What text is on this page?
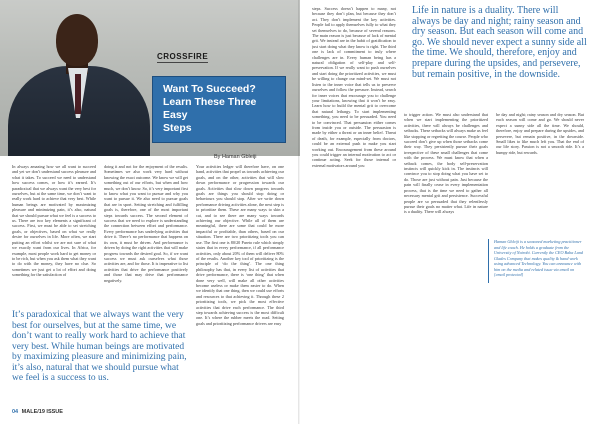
CROSSFIRE
Want To Succeed?
Learn These Three Easy
Steps
By Haman Gbleiji
In always amazing how we all want to succeed and yet we don’t understand success pleasure and what it takes. To succeed we need to understand how success comes, or how it’s earned. It’s paradoxical that we always want the very best for ourselves, but at the same time, we don’t want to really work hard to achieve that very best. While human beings are motivated by maximizing pleasure and minimizing pain, it’s also, natural that we should pursue what we feel is a success to us. There are two key elements a significant of success. First, we must be able to set stretching goals, or objectives, based on what we really desire for ourselves in life. More often, we start putting an effort whilst we are not sure of what we exactly want from our lives. In Africa, for example, most people work hard to get money or to be rich, but when you ask them what they want to do with the money, they have no clue. So sometimes we just get a lot of effort and doing something for the satisfaction of
doing it and not for the enjoyment of the results. Sometimes we also work very hard without knowing the exact outcome. We know we will get something out of our efforts, but when and how much, we don’t know. So, it’s very important first to know what you want to pursue and why you want to pursue it. We also need to pursue goals that are in sport. Setting stretching and fulfilling goals is, therefore, one of the most important steps towards success. The second element of success that we need to explore is understanding the connection between effort and performance. Every performance has underlying activities that drive it. There’s no performance that happens on its own, it must be driven. And performance is driven by doing the right activities that will make progress towards the desired goal. So, if we want success we must ask ourselves what those activities are, and for those. It is imperative to list activities that drive the performance positively and those that may drive that performance negatively.
Your activities ledger will therefore have, on one hand, activities that propel us towards achieving our goals, and on the other, activities that will slow down performance or progression towards our goals. Activities that slow down progress towards goals are things you should stop doing or behaviours you should stop. After we write down performance driving activities alone, the next step is to prioritize them. These are many ways to skin a cat, and to see there are many ways towards achieving our objective. While all of them are meaningful, there are some that could be more impactful or profitable, than others, based on our situation. There are two prioritizing tools you can use. The first one is 80/20 Pareto rule which simply states that in every performance, if all performance activities, only about 20% of them will deliver 80% of the results. Another key tool of prioritizing is the principle of ‘do the thing’. The one thing philosophy has that, in every list of activities that drive performance, there is ‘one thing’ that when done very well, will make all other activities become useless or make them easier to do. When we identify that one thing, then we could use efforts and resources to that achieving it. Through these 2 prioritizing tools, we pick the most effective activities that drive each performance. The third step towards achieving success is the most difficult one. It’s where the rubber meets the road. Setting goals and prioritizing performance drivers are easy
It’s paradoxical that we always want the very best for ourselves, but at the same time, we don’t want to really work hard to achieve that very best. While human beings are motivated by maximizing pleasure and minimizing pain, it’s also, natural that we should pursue what we feel is a success to us.
04 MALE/19 ISSUE
steps. Success doesn’t happen to many, not because they don’t plan, but because they don’t act. They don’t implement the key activities. People fail to apply themselves fully to what they set themselves to do, because of several reasons. The main reason is just because of lack of mental grit. We instead are in the habit of gratification to just start doing what they know is right. The third one is lack of commitment to truly where challenges are in. Every human being has a natural obligation of self-play and self-preservation. If we really want to push ourselves and start doing the prioritized activities, we must be willing to change our mind-set. We must not listen to the inner voice that tells us to preserve ourselves and follow the pressure. Instead, search for inner voices that encourage you to challenge your limitations, knowing that it won’t be easy. Learn how to build the mental grit to overcome that natural lethargy. To start implementing something, you need to be persuaded. You need to be convinced. That persuasion either comes from inside you or outside. The persuasion is made by either a threat or an inner belief. Threat of death, for example, especially from doctors, could be an external push to make you start working out. Encouragement from these around you could trigger an internal motivation to act or continue acting. Seek for those internal or external motivators around you
Life in nature is a duality. There will always be day and night; rainy season and dry season. But each season will come and go. We should never expect a sunny side all the time. We should, therefore, enjoy and prepare during the upsides, and persevere, but remain positive, in the downside.
to trigger action. We must also understand that when we start implementing the prioritized activities, there will always be challenges and setbacks. These setbacks will always make us feel like stopping or regretting the course. People who succeed don’t give up when those setbacks come their way. They persistently pursue their goals irrespective of these small challenges that come with the process. We must know that when a setback comes, the body self-preservation instincts will quickly kick in. The instincts will convince you to stop doing what you have set to do. Those are just without pain. Just because the pain will finally cease in every implementation process, that is the time we need to gather all necessary mental grit and persistence. Successful people are so persuaded that they relentlessly pursue their goals no matter what. Life in nature is a duality. There will always
be day and night; rainy season and dry season. But each season will come and go. We should never expect a sunny side all the time. We should, therefore, enjoy and prepare during the upsides, and persevere, but remain positive, in the downside. Small likes to like much left you. That the end of our life story. Passion is not a smooth ride. It’s a bumpy ride, but rewards.
Haman Gbleiji is a seasoned marketing practitioner and life coach. He holds a graduate from the University of Nairobi. Currently the CEO Baba Land Glades Company that makes quality & hand work using advanced Technology. You can announce with him on the media and related issue via email on [email protected]
